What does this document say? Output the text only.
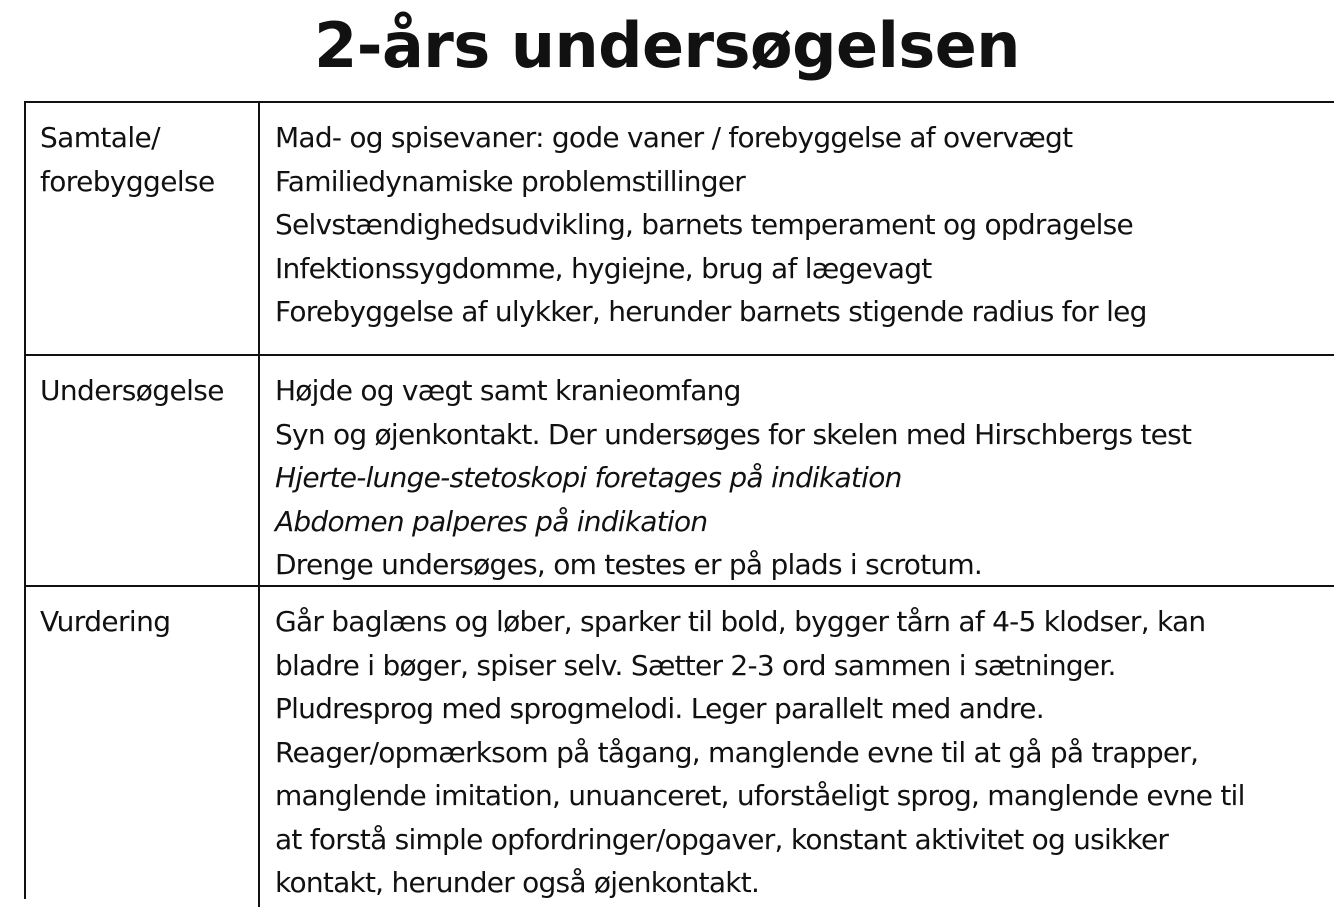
2-års undersøgelsen
Samtale/
forebyggelse
Mad- og spisevaner: gode vaner / forebyggelse af overvægt
Familiedynamiske problemstillinger
Selvstændighedsudvikling, barnets temperament og opdragelse
Infektionssygdomme, hygiejne, brug af lægevagt
Forebyggelse af ulykker, herunder barnets stigende radius for leg
Undersøgelse	Højde og vægt samt kranieomfang
Syn og øjenkontakt. Der undersøges for skelen med Hirschbergs test
Hjerte-lunge-stetoskopi foretages på indikation
Abdomen palperes på indikation
Drenge undersøges, om testes er på plads i scrotum.
Vurdering	Går baglæns og løber, sparker til bold, bygger tårn af 4-5 klodser, kan
bladre i bøger, spiser selv. Sætter 2-3 ord sammen i sætninger.
Pludresprog med sprogmelodi. Leger parallelt med andre.
Reager/opmærksom på tågang, manglende evne til at gå på trapper,
manglende imitation, unuanceret, uforståeligt sprog, manglende evne til
at forstå simple opfordringer/opgaver, konstant aktivitet og usikker
kontakt, herunder også øjenkontakt.
